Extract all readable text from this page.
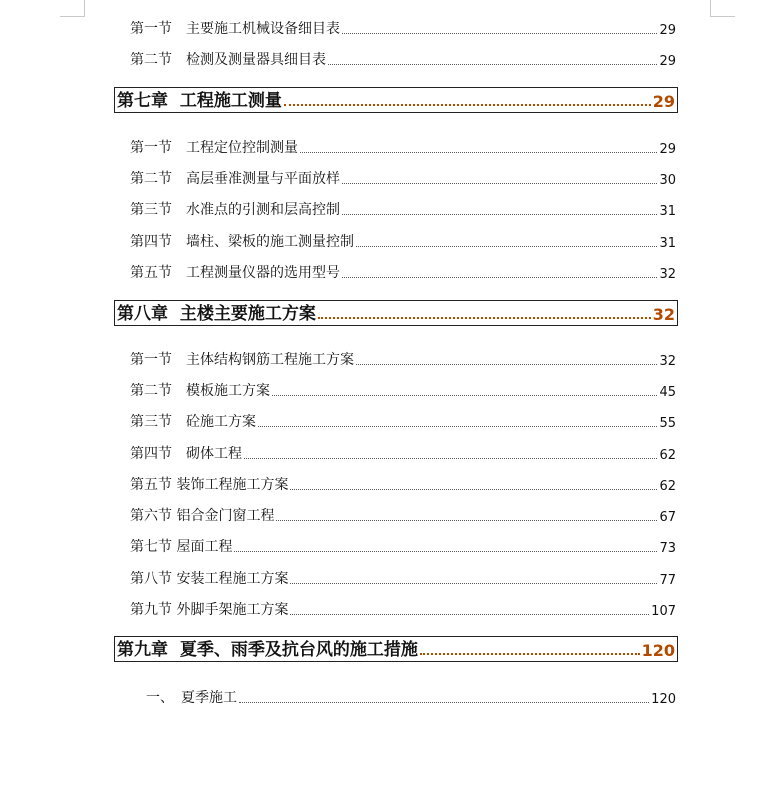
第一节　主要施工机械设备细目表	29
第二节　检测及测量器具细目表	29
第七章  工程施工测量	29
第一节　工程定位控制测量	29
第二节　高层垂准测量与平面放样	30
第三节　水准点的引测和层高控制	31
第四节　墙柱、梁板的施工测量控制	31
第五节　工程测量仪器的选用型号	32
第八章  主楼主要施工方案	32
第一节　主体结构钢筋工程施工方案	32
第二节　模板施工方案	45
第三节　砼施工方案	55
第四节　砌体工程	62
第五节 装饰工程施工方案	62
第六节 铝合金门窗工程	67
第七节 屋面工程	73
第八节 安装工程施工方案	77
第九节 外脚手架施工方案	107
第九章  夏季、雨季及抗台风的施工措施	120
一、　夏季施工	120
